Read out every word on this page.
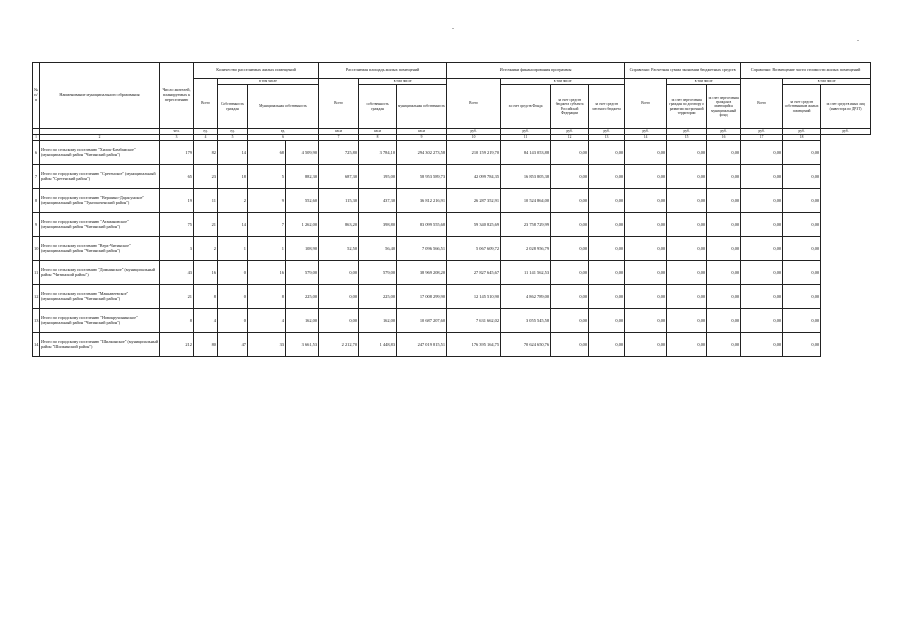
-
-
№ п/п	Наименование муниципального образования	Число жителей, планируемых к переселению	Количество расселяемых жилых помещений				Расселяемая площадь жилых помещений			Источники финансирования программы				Справочно: Расчетная сумма экономии бюджетных средств			Справочно: Возмещение части стоимости жилых помещений		
			Всего	в том числе			Всего	в том числе		Всего	в том числе			Всего	в том числе		Всего	в том числе	
				Собственность граждан	Муниципальная собственность			собственность граждан	муниципальная собственность		за счет средств Фонда	за счет средств бюджета субъекта Российской Федерации	за счет средств местного бюджета		за счет переселения граждан по договору о развитии застроенной территории	за счет переселения граждан в имеющийся муниципальный фонд		за счет средств собственников жилых помещений	за счет средств иных лиц (инвестора по ДРЗТ)
		чел.	ед.	ед.	ед.		кв.м	кв.м	кв.м	руб.	руб.	руб.	руб.	руб.	руб.	руб.	руб.	руб.	руб.
1	2	3	4	5	6		7	8	9	10	11	12	13	14	15	16	17	18	
6	Итого по сельскому поселению "Хилок-Бамбамское" (муниципальный район "Читинский район")	179	82	14	68	4 509,90	725,80	3 784,10	294 302 273,58	210 159 219,70	84 143 053,88	0,00	0,00	0,00	0,00	0,00	0,00	0,00	
7	Итого по городскому поселению "Сретенское" (муниципальный район "Сретенский район")	65	23	18	5	882,30	687,30	195,00	58 953 589,73	42 099 784,35	16 853 805,38	0,00	0,00	0,00	0,00	0,00	0,00	0,00	
8	Итого по городскому поселению "Вершино-Дарасунское" (муниципальный район "Тунгокоченский район")	19	11	2	9	552,60	115,30	437,30	36 812 216,91	26 287 352,91	10 524 864,00	0,00	0,00	0,00	0,00	0,00	0,00	0,00	
9	Итого по городскому поселению "Атамановское" (муниципальный район "Читинский район")	75	21	14	7	1 262,00	863,20	398,80	83 099 555,68	59 340 825,69	23 758 729,99	0,00	0,00	0,00	0,00	0,00	0,00	0,00	
10	Итого по сельскому поселению "Верх-Читинское" (муниципальный район "Читинский район")	3	2	1	1	108,90	52,50	56,40	7 096 566,51	5 067 609,72	2 028 956,79	0,00	0,00	0,00	0,00	0,00	0,00	0,00	
11	Итого по сельскому поселению "Домнинское" (муниципальный район "Читинский район")	43	16	0	16	579,00	0,00	579,00	38 969 208,20	27 827 645,67	11 141 562,53	0,00	0,00	0,00	0,00	0,00	0,00	0,00	
12	Итого по сельскому поселению "Маккавеевское" (муниципальный район "Читинский район")	21	8	0	8	225,00	0,00	225,00	17 008 299,90	12 145 510,90	4 862 789,00	0,00	0,00	0,00	0,00	0,00	0,00	0,00	
13	Итого по городскому поселению "Новокручининское" (муниципальный район "Читинский район")	8	4	0	4	162,00	0,00	162,00	10 687 207,60	7 631 662,02	3 055 545,58	0,00	0,00	0,00	0,00	0,00	0,00	0,00	
14	Итого по городскому поселению "Шилкинское" (муниципальный район "Шилкинский район")	212	80	47	33	3 661,53	2 212,70	1 448,83	247 019 815,51	176 395 164,75	70 624 650,76	0,00	0,00	0,00	0,00	0,00	0,00	0,00	
